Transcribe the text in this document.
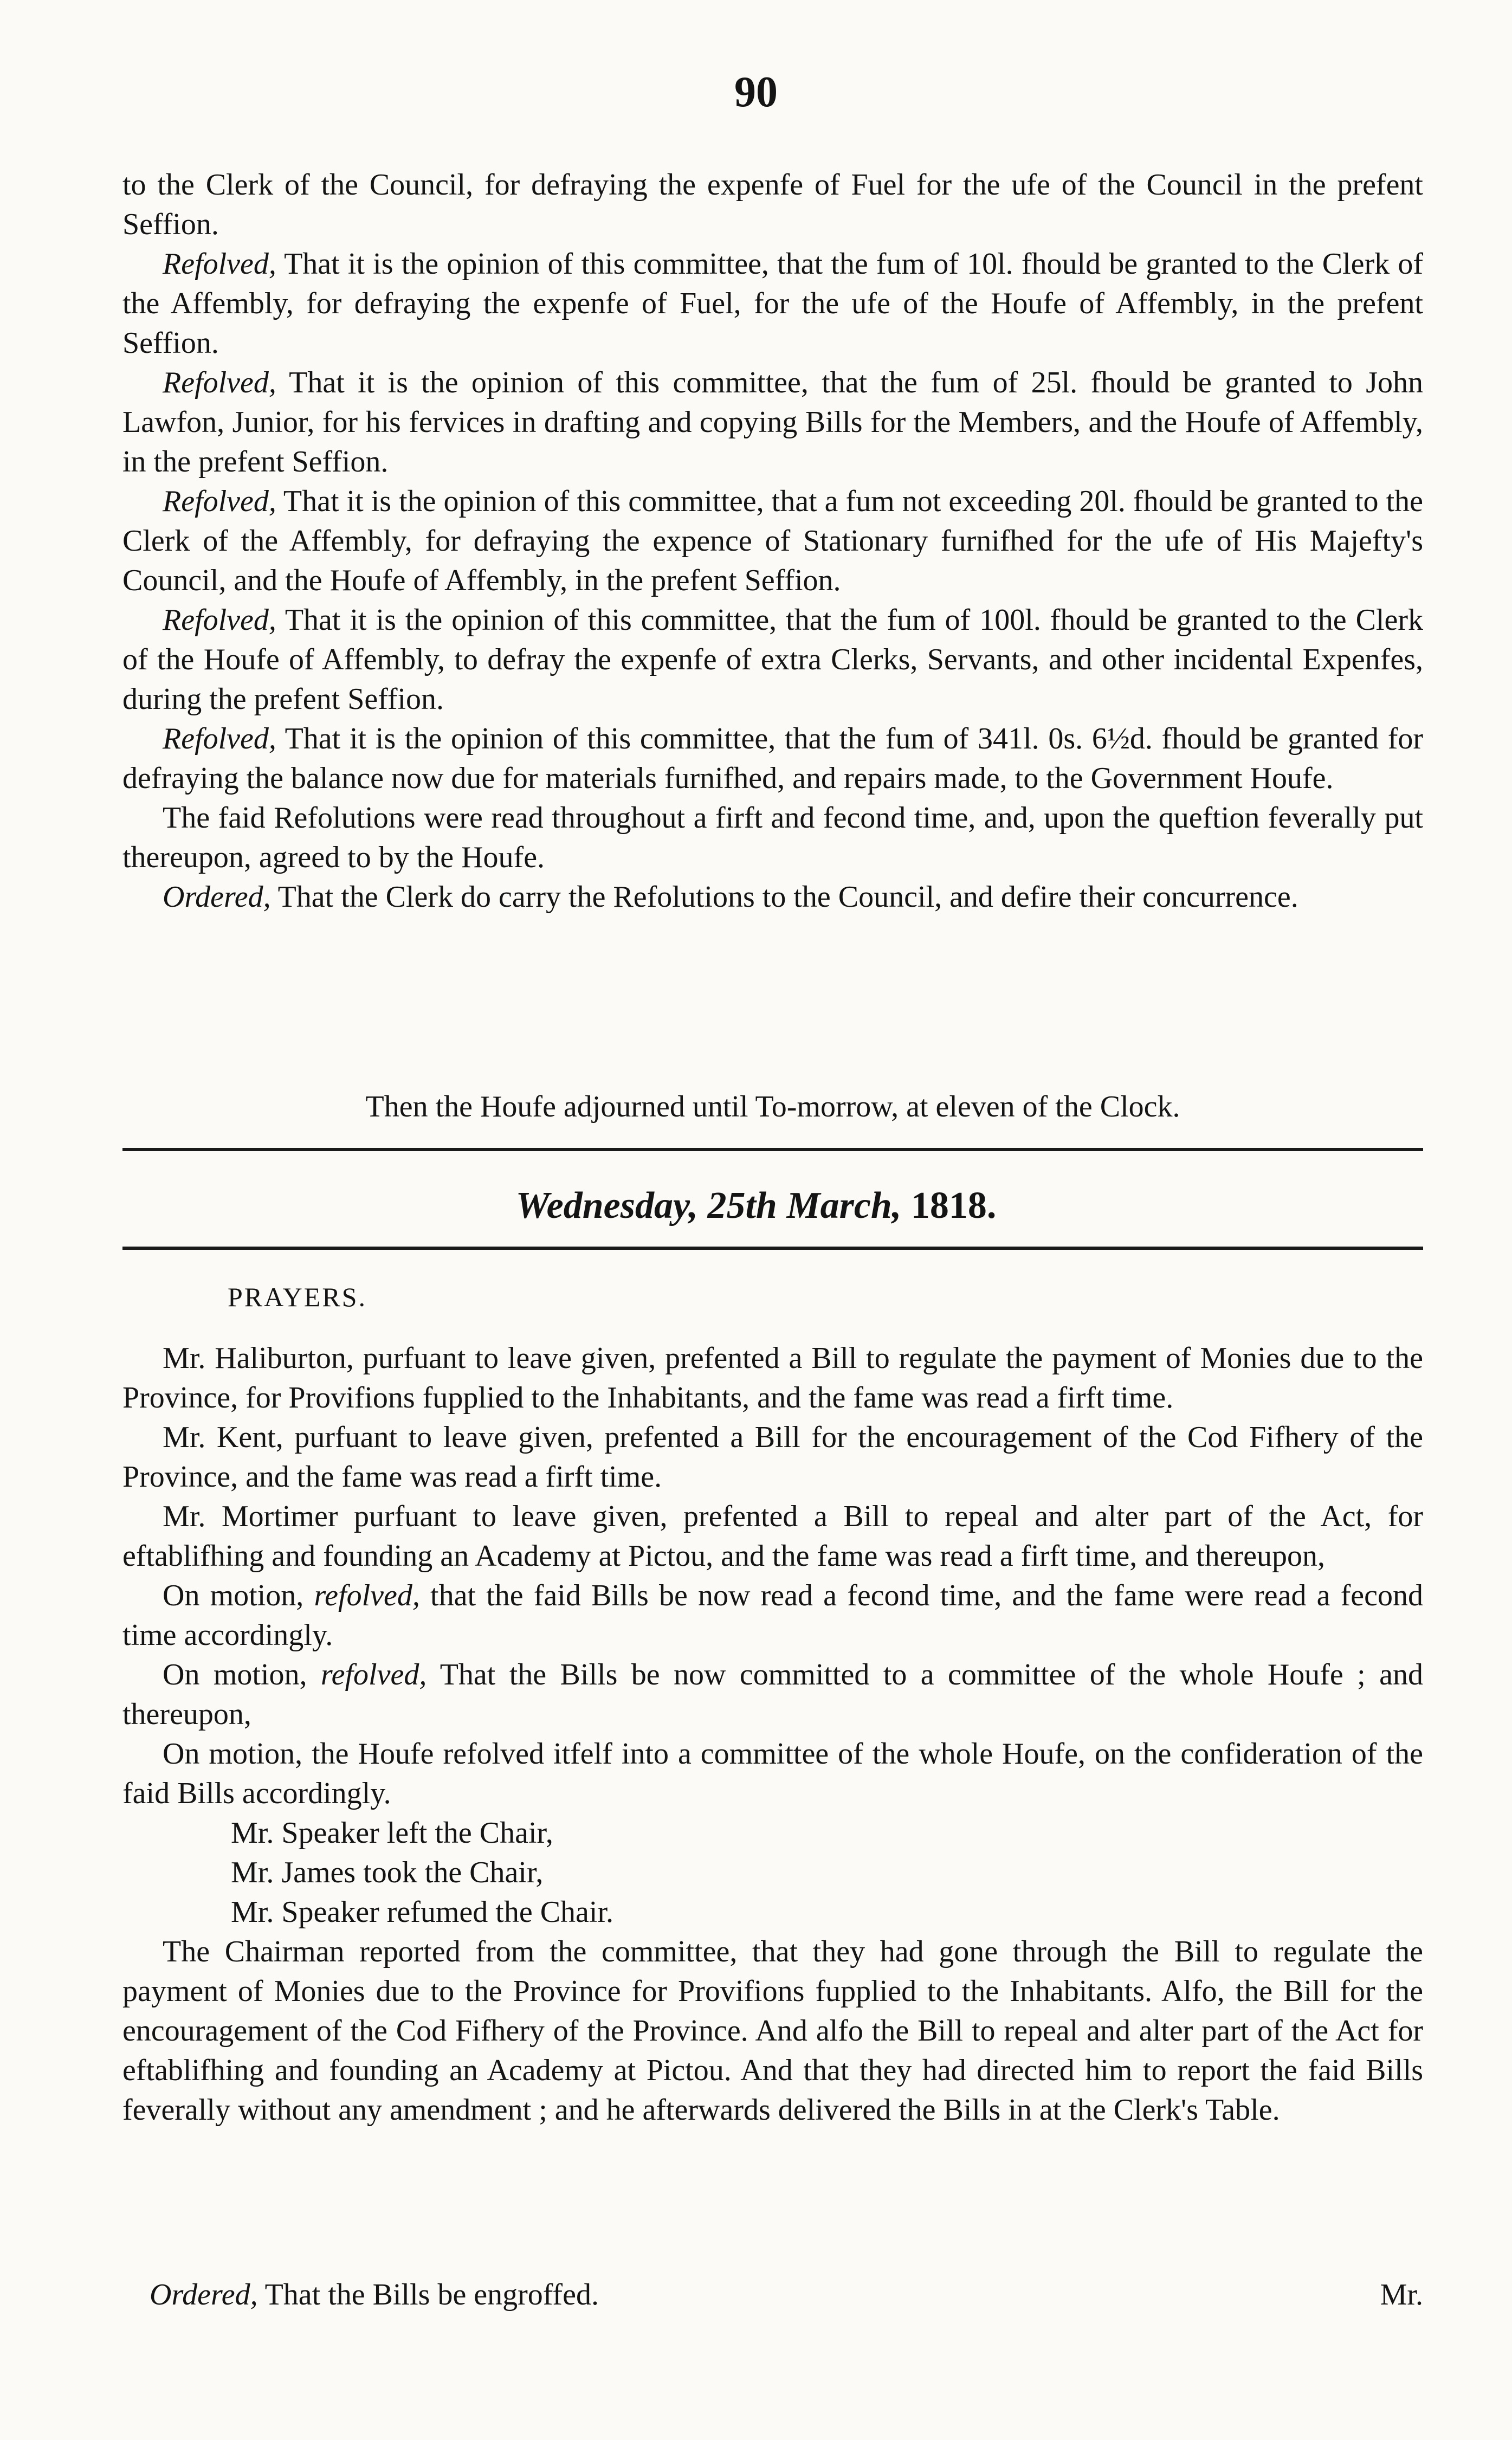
90

to the Clerk of the Council, for defraying the expenfe of Fuel for the ufe of the Council in the prefent Seffion.

Refolved, That it is the opinion of this committee, that the fum of 10l. fhould be granted to the Clerk of the Affembly, for defraying the expenfe of Fuel, for the ufe of the Houfe of Affembly, in the prefent Seffion.

Refolved, That it is the opinion of this committee, that the fum of 25l. fhould be granted to John Lawfon, Junior, for his fervices in drafting and copying Bills for the Members, and the Houfe of Affembly, in the prefent Seffion.

Refolved, That it is the opinion of this committee, that a fum not exceeding 20l. fhould be granted to the Clerk of the Affembly, for defraying the expence of Stationary furnifhed for the ufe of His Majefty's Council, and the Houfe of Affembly, in the prefent Seffion.

Refolved, That it is the opinion of this committee, that the fum of 100l. fhould be granted to the Clerk of the Houfe of Affembly, to defray the expenfe of extra Clerks, Servants, and other incidental Expenfes, during the prefent Seffion.

Refolved, That it is the opinion of this committee, that the fum of 341l. 0s. 6½d. fhould be granted for defraying the balance now due for materials furnifhed, and repairs made, to the Government Houfe.

The faid Refolutions were read throughout a firft and fecond time, and, upon the queftion feverally put thereupon, agreed to by the Houfe.

Ordered, That the Clerk do carry the Refolutions to the Council, and defire their concurrence.

Then the Houfe adjourned until To-morrow, at eleven of the Clock.

Wednesday, 25th March, 1818.
PRAYERS.

Mr. Haliburton, purfuant to leave given, prefented a Bill to regulate the payment of Monies due to the Province, for Provifions fupplied to the Inhabitants, and the fame was read a firft time.

Mr. Kent, purfuant to leave given, prefented a Bill for the encouragement of the Cod Fifhery of the Province, and the fame was read a firft time.

Mr. Mortimer purfuant to leave given, prefented a Bill to repeal and alter part of the Act, for eftablifhing and founding an Academy at Pictou, and the fame was read a firft time, and thereupon,

On motion, refolved, that the faid Bills be now read a fecond time, and the fame were read a fecond time accordingly.

On motion, refolved, That the Bills be now committed to a committee of the whole Houfe ; and thereupon,

On motion, the Houfe refolved itfelf into a committee of the whole Houfe, on the confideration of the faid Bills accordingly.

Mr. Speaker left the Chair,

Mr. James took the Chair,

Mr. Speaker refumed the Chair.

The Chairman reported from the committee, that they had gone through the Bill to regulate the payment of Monies due to the Province for Provifions fupplied to the Inhabitants. Alfo, the Bill for the encouragement of the Cod Fifhery of the Province. And alfo the Bill to repeal and alter part of the Act for eftablifhing and founding an Academy at Pictou. And that they had directed him to report the faid Bills feverally without any amendment ; and he afterwards delivered the Bills in at the Clerk's Table.

Ordered, That the Bills be engroffed.	Mr.
